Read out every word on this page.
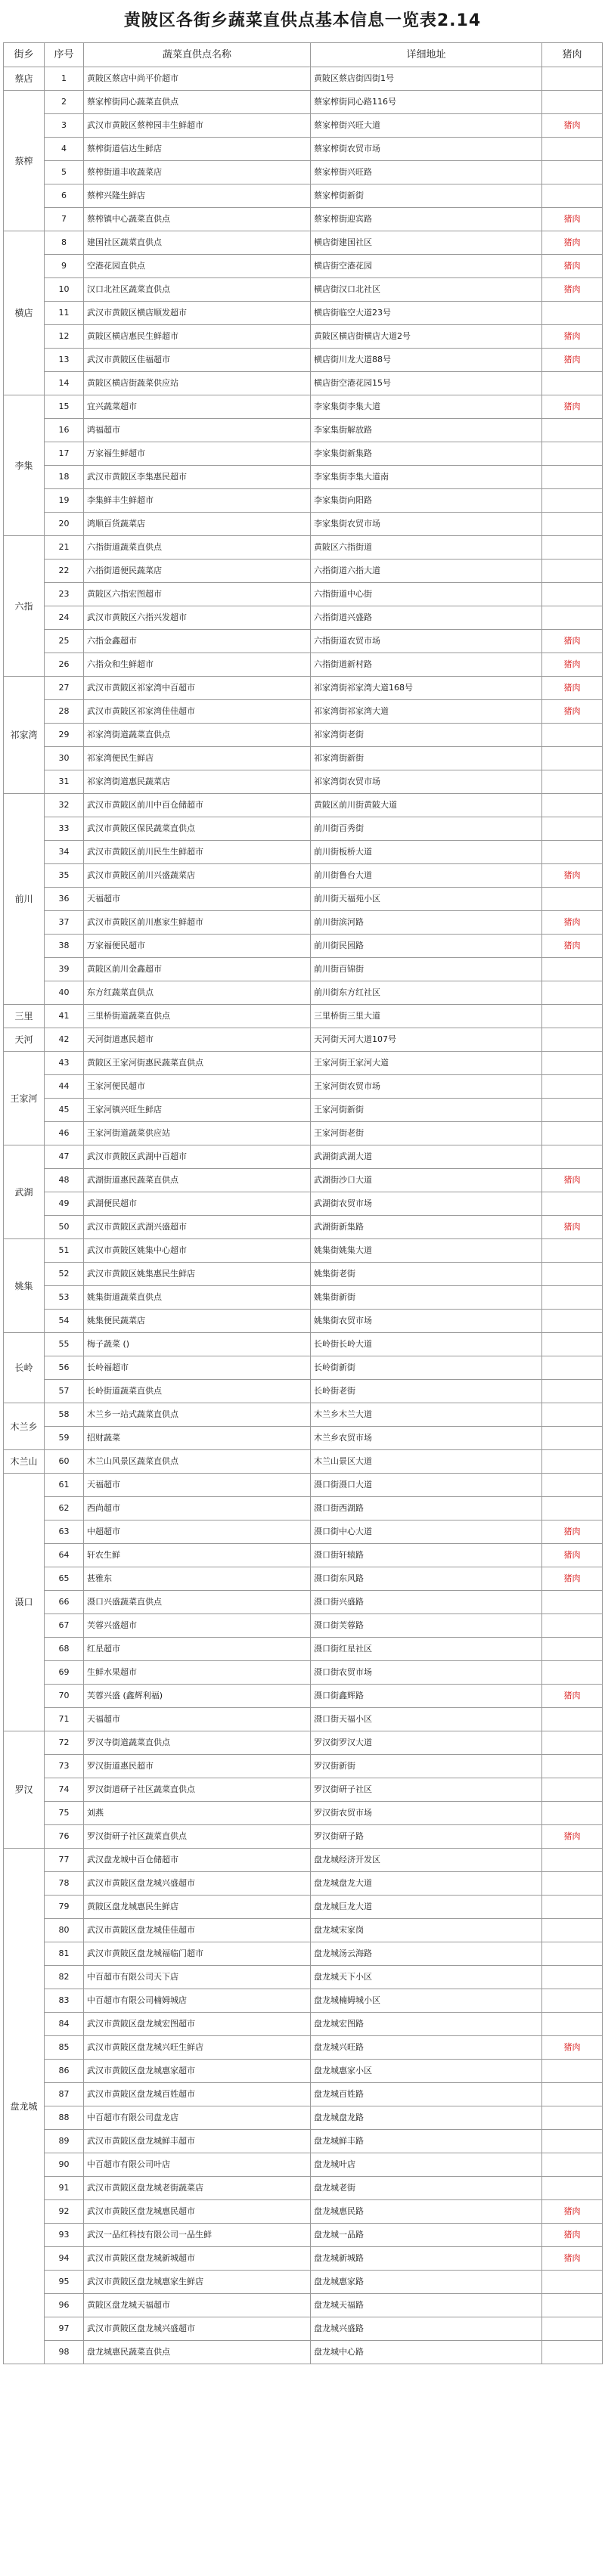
黄陂区各街乡蔬菜直供点基本信息一览表2.14
街乡	序号	蔬菜直供点名称	详细地址	猪肉
蔡店	1	黄陂区蔡店中尚平价超市	黄陂区蔡店街四街1号	
蔡榨	2	蔡家榨街同心蔬菜直供点	蔡家榨街同心路116号	
	3	武汉市黄陂区蔡榨园丰生鲜超市	蔡家榨街兴旺大道	猪肉
	4	蔡榨街道信达生鲜店	蔡家榨街农贸市场	
	5	蔡榨街道丰收蔬菜店	蔡家榨街兴旺路	
	6	蔡榨兴隆生鲜店	蔡家榨街新街	
	7	蔡榨镇中心蔬菜直供点	蔡家榨街迎宾路	猪肉
横店	8	建国社区蔬菜直供点	横店街建国社区	猪肉
	9	空港花园直供点	横店街空港花园	猪肉
	10	汉口北社区蔬菜直供点	横店街汉口北社区	猪肉
	11	武汉市黄陂区横店顺发超市	横店街临空大道23号	
	12	黄陂区横店惠民生鲜超市	黄陂区横店街横店大道2号	猪肉
	13	武汉市黄陂区佳福超市	横店街川龙大道88号	猪肉
	14	黄陂区横店街蔬菜供应站	横店街空港花园15号	
李集	15	宜兴蔬菜超市	李家集街李集大道	猪肉
	16	鸿福超市	李家集街解放路	
	17	万家福生鲜超市	李家集街新集路	
	18	武汉市黄陂区李集惠民超市	李家集街李集大道南	
	19	李集鲜丰生鲜超市	李家集街向阳路	
	20	鸿顺百货蔬菜店	李家集街农贸市场	
六指	21	六指街道蔬菜直供点	黄陂区六指街道	
	22	六指街道便民蔬菜店	六指街道六指大道	
	23	黄陂区六指宏图超市	六指街道中心街	
	24	武汉市黄陂区六指兴发超市	六指街道兴盛路	
	25	六指金鑫超市	六指街道农贸市场	猪肉
	26	六指众和生鲜超市	六指街道新村路	猪肉
祁家湾	27	武汉市黄陂区祁家湾中百超市	祁家湾街祁家湾大道168号	猪肉
	28	武汉市黄陂区祁家湾佳佳超市	祁家湾街祁家湾大道	猪肉
	29	祁家湾街道蔬菜直供点	祁家湾街老街	
	30	祁家湾便民生鲜店	祁家湾街新街	
	31	祁家湾街道惠民蔬菜店	祁家湾街农贸市场	
前川	32	武汉市黄陂区前川中百仓储超市	黄陂区前川街黄陂大道	
	33	武汉市黄陂区保民蔬菜直供点	前川街百秀街	
	34	武汉市黄陂区前川民生生鲜超市	前川街板桥大道	
	35	武汉市黄陂区前川兴盛蔬菜店	前川街鲁台大道	猪肉
	36	天福超市	前川街天福苑小区	
	37	武汉市黄陂区前川惠家生鲜超市	前川街滨河路	猪肉
	38	万家福便民超市	前川街民园路	猪肉
	39	黄陂区前川金鑫超市	前川街百锦街	
	40	东方红蔬菜直供点	前川街东方红社区	
三里	41	三里桥街道蔬菜直供点	三里桥街三里大道	
天河	42	天河街道惠民超市	天河街天河大道107号	
王家河	43	黄陂区王家河街惠民蔬菜直供点	王家河街王家河大道	
	44	王家河便民超市	王家河街农贸市场	
	45	王家河镇兴旺生鲜店	王家河街新街	
	46	王家河街道蔬菜供应站	王家河街老街	
武湖	47	武汉市黄陂区武湖中百超市	武湖街武湖大道	
	48	武湖街道惠民蔬菜直供点	武湖街沙口大道	猪肉
	49	武湖便民超市	武湖街农贸市场	
	50	武汉市黄陂区武湖兴盛超市	武湖街新集路	猪肉
姚集	51	武汉市黄陂区姚集中心超市	姚集街姚集大道	
	52	武汉市黄陂区姚集惠民生鲜店	姚集街老街	
	53	姚集街道蔬菜直供点	姚集街新街	
	54	姚集便民蔬菜店	姚集街农贸市场	
长岭	55	梅子蔬菜 ()	长岭街长岭大道	
	56	长岭福超市	长岭街新街	
	57	长岭街道蔬菜直供点	长岭街老街	
木兰乡	58	木兰乡一站式蔬菜直供点	木兰乡木兰大道	
	59	招财蔬菜	木兰乡农贸市场	
木兰山	60	木兰山风景区蔬菜直供点	木兰山景区大道	
滠口	61	天福超市	滠口街滠口大道	
	62	西尚超市	滠口街西湖路	
	63	中超超市	滠口街中心大道	猪肉
	64	轩农生鲜	滠口街轩辕路	猪肉
	65	甚雅东	滠口街东风路	猪肉
	66	滠口兴盛蔬菜直供点	滠口街兴盛路	
	67	芙蓉兴盛超市	滠口街芙蓉路	
	68	红星超市	滠口街红星社区	
	69	生鲜水果超市	滠口街农贸市场	
	70	芙蓉兴盛 (鑫辉利福)	滠口街鑫辉路	猪肉
	71	天福超市	滠口街天福小区	
罗汉	72	罗汉寺街道蔬菜直供点	罗汉街罗汉大道	
	73	罗汉街道惠民超市	罗汉街新街	
	74	罗汉街道研子社区蔬菜直供点	罗汉街研子社区	
	75	刘燕	罗汉街农贸市场	
	76	罗汉街研子社区蔬菜直供点	罗汉街研子路	猪肉
盘龙城	77	武汉盘龙城中百仓储超市	盘龙城经济开发区	
	78	武汉市黄陂区盘龙城兴盛超市	盘龙城盘龙大道	
	79	黄陂区盘龙城惠民生鲜店	盘龙城巨龙大道	
	80	武汉市黄陂区盘龙城佳佳超市	盘龙城宋家岗	
	81	武汉市黄陂区盘龙城福临门超市	盘龙城汤云海路	
	82	中百超市有限公司天下店	盘龙城天下小区	
	83	中百超市有限公司楠姆城店	盘龙城楠姆城小区	
	84	武汉市黄陂区盘龙城宏图超市	盘龙城宏图路	
	85	武汉市黄陂区盘龙城兴旺生鲜店	盘龙城兴旺路	猪肉
	86	武汉市黄陂区盘龙城惠家超市	盘龙城惠家小区	
	87	武汉市黄陂区盘龙城百姓超市	盘龙城百姓路	
	88	中百超市有限公司盘龙店	盘龙城盘龙路	
	89	武汉市黄陂区盘龙城鲜丰超市	盘龙城鲜丰路	
	90	中百超市有限公司叶店	盘龙城叶店	
	91	武汉市黄陂区盘龙城老街蔬菜店	盘龙城老街	
	92	武汉市黄陂区盘龙城惠民超市	盘龙城惠民路	猪肉
	93	武汉一品红科技有限公司一品生鲜	盘龙城一品路	猪肉
	94	武汉市黄陂区盘龙城新城超市	盘龙城新城路	猪肉
	95	武汉市黄陂区盘龙城惠家生鲜店	盘龙城惠家路	
	96	黄陂区盘龙城天福超市	盘龙城天福路	
	97	武汉市黄陂区盘龙城兴盛超市	盘龙城兴盛路	
	98	盘龙城惠民蔬菜直供点	盘龙城中心路	
